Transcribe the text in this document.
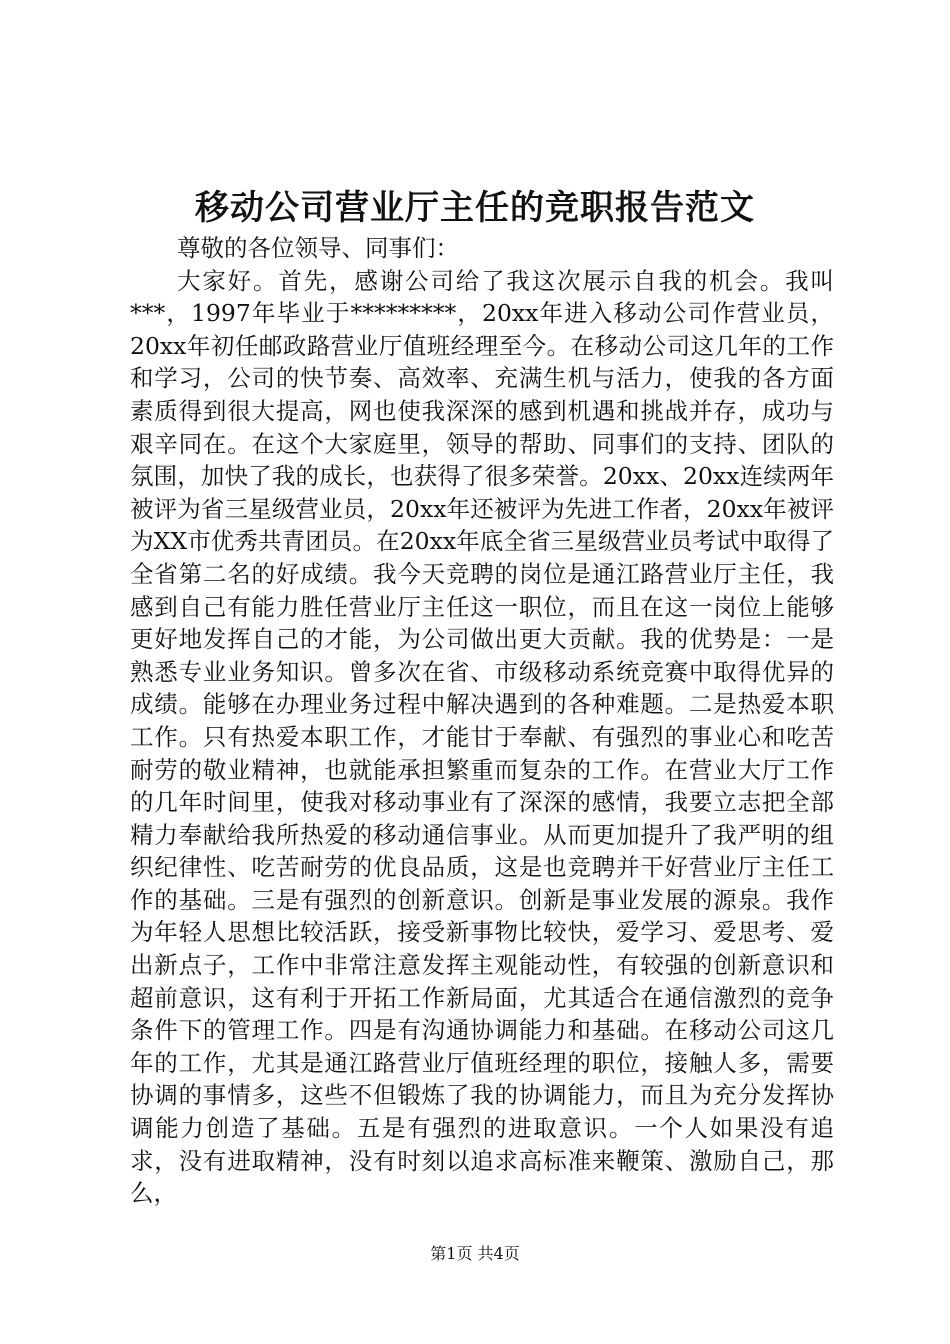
移动公司营业厅主任的竞职报告范文

尊敬的各位领导、同事们：

大家好。首先，感谢公司给了我这次展示自我的机会。我叫***，1997年毕业于*********，20xx年进入移动公司作营业员，20xx年初任邮政路营业厅值班经理至今。在移动公司这几年的工作和学习，公司的快节奏、高效率、充满生机与活力，使我的各方面素质得到很大提高，网也使我深深的感到机遇和挑战并存，成功与艰辛同在。在这个大家庭里，领导的帮助、同事们的支持、团队的氛围，加快了我的成长，也获得了很多荣誉。20xx、20xx连续两年被评为省三星级营业员，20xx年还被评为先进工作者，20xx年被评为XX市优秀共青团员。在20xx年底全省三星级营业员考试中取得了全省第二名的好成绩。我今天竞聘的岗位是通江路营业厅主任，我感到自己有能力胜任营业厅主任这一职位，而且在这一岗位上能够更好地发挥自己的才能，为公司做出更大贡献。我的优势是：一是熟悉专业业务知识。曾多次在省、市级移动系统竞赛中取得优异的成绩。能够在办理业务过程中解决遇到的各种难题。二是热爱本职工作。只有热爱本职工作，才能甘于奉献、有强烈的事业心和吃苦耐劳的敬业精神，也就能承担繁重而复杂的工作。在营业大厅工作的几年时间里，使我对移动事业有了深深的感情，我要立志把全部精力奉献给我所热爱的移动通信事业。从而更加提升了我严明的组织纪律性、吃苦耐劳的优良品质，这是也竞聘并干好营业厅主任工作的基础。三是有强烈的创新意识。创新是事业发展的源泉。我作为年轻人思想比较活跃，接受新事物比较快，爱学习、爱思考、爱出新点子，工作中非常注意发挥主观能动性，有较强的创新意识和超前意识，这有利于开拓工作新局面，尤其适合在通信激烈的竞争条件下的管理工作。四是有沟通协调能力和基础。在移动公司这几年的工作，尤其是通江路营业厅值班经理的职位，接触人多，需要协调的事情多，这些不但锻炼了我的协调能力，而且为充分发挥协调能力创造了基础。五是有强烈的进取意识。一个人如果没有追求，没有进取精神，没有时刻以追求高标准来鞭策、激励自己，那么，

第1页 共4页
